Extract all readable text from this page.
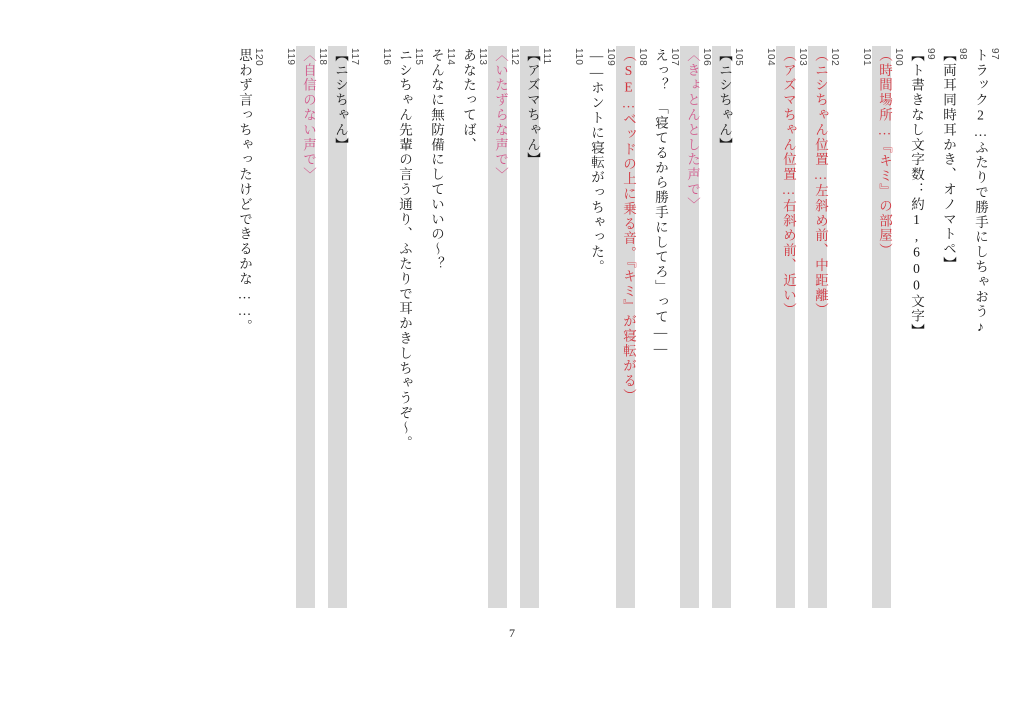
思わず言っちゃったけどできるかな……。 120 119 〈自信のない声で〉 118 【ニシちゃん】 117 116 ニシちゃん先輩の言う通り、ふたりで耳かきしちゃうぞ～。 115 そんなに無防備にしていいの～？ 114 あなたってば、 113 〈いたずらな声で〉 112 【アズマちゃん】 111 110 ――ホントに寝転がっちゃった。 109 （SE…ベッドの上に乗る音。『キミ』が寝転がる） 108 えっ？　「寝てるから勝手にしてろ」って―― 107 〈きょとんとした声で〉 106 【ニシちゃん】 105 104 （アズマちゃん位置…右斜め前、近い） 103 （ニシちゃん位置…左斜め前、中距離） 102 101 （時間場所…『キミ』の部屋） 100 【ト書きなし文字数：約1,600文字】 99 【両耳同時耳かき、オノマトペ】 98 トラック2…ふたりで勝手にしちゃおう♪ 97
7
